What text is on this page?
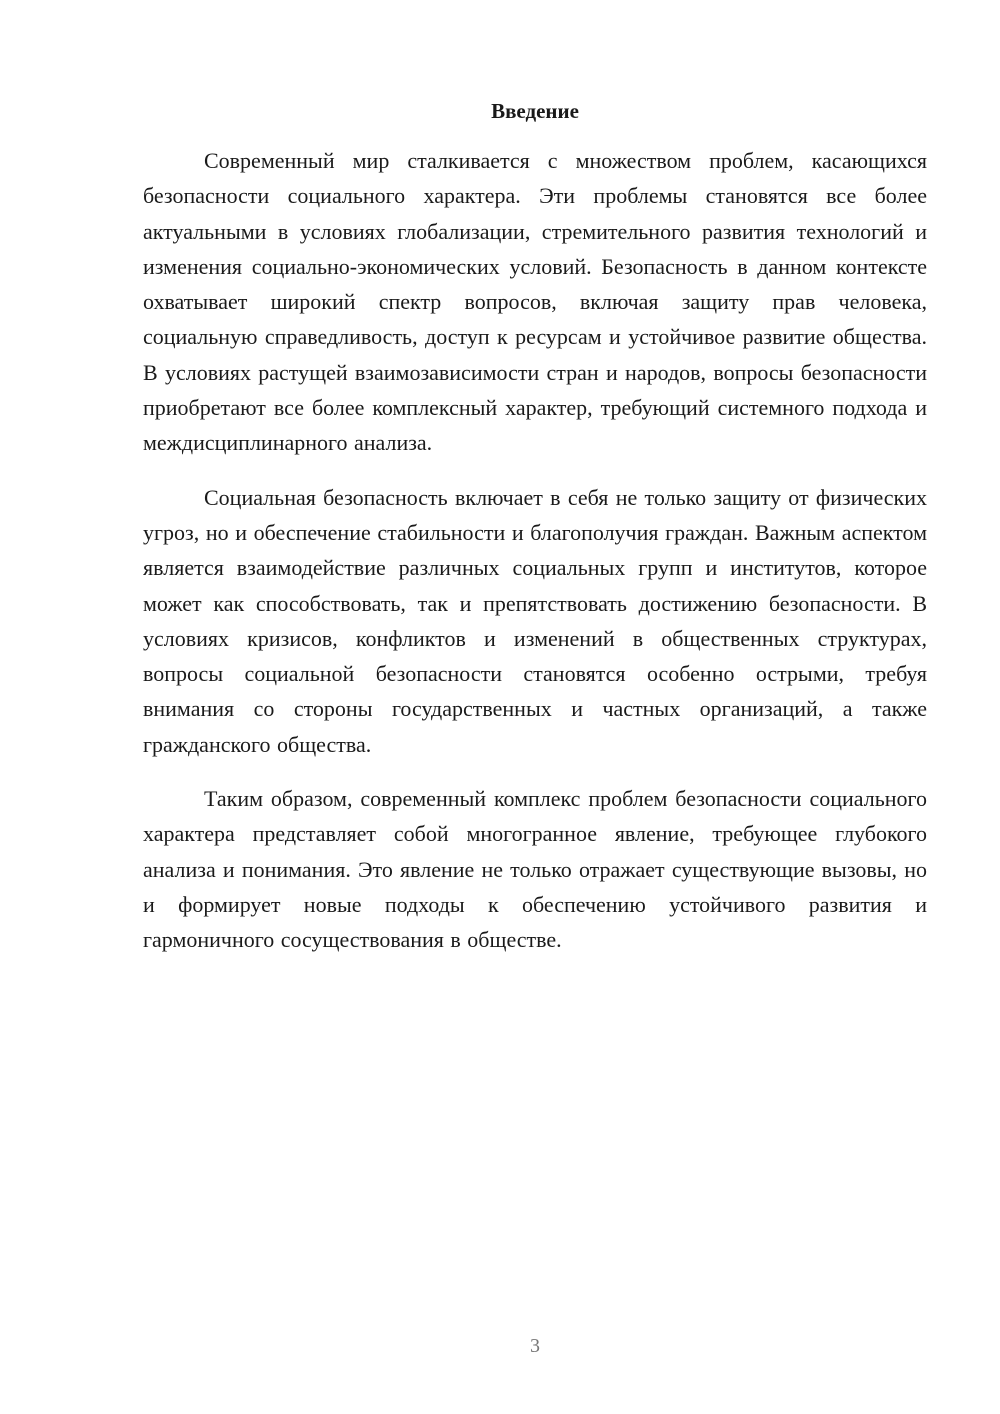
Введение

Современный мир сталкивается с множеством проблем, касающихся безопасности социального характера. Эти проблемы становятся все более актуальными в условиях глобализации, стремительного развития технологий и изменения социально-экономических условий. Безопасность в данном контексте охватывает широкий спектр вопросов, включая защиту прав человека, социальную справедливость, доступ к ресурсам и устойчивое развитие общества. В условиях растущей взаимозависимости стран и народов, вопросы безопасности приобретают все более комплексный характер, требующий системного подхода и междисциплинарного анализа.

Социальная безопасность включает в себя не только защиту от физических угроз, но и обеспечение стабильности и благополучия граждан. Важным аспектом является взаимодействие различных социальных групп и институтов, которое может как способствовать, так и препятствовать достижению безопасности. В условиях кризисов, конфликтов и изменений в общественных структурах, вопросы социальной безопасности становятся особенно острыми, требуя внимания со стороны государственных и частных организаций, а также гражданского общества.

Таким образом, современный комплекс проблем безопасности социального характера представляет собой многогранное явление, требующее глубокого анализа и понимания. Это явление не только отражает существующие вызовы, но и формирует новые подходы к обеспечению устойчивого развития и гармоничного сосуществования в обществе.

3
